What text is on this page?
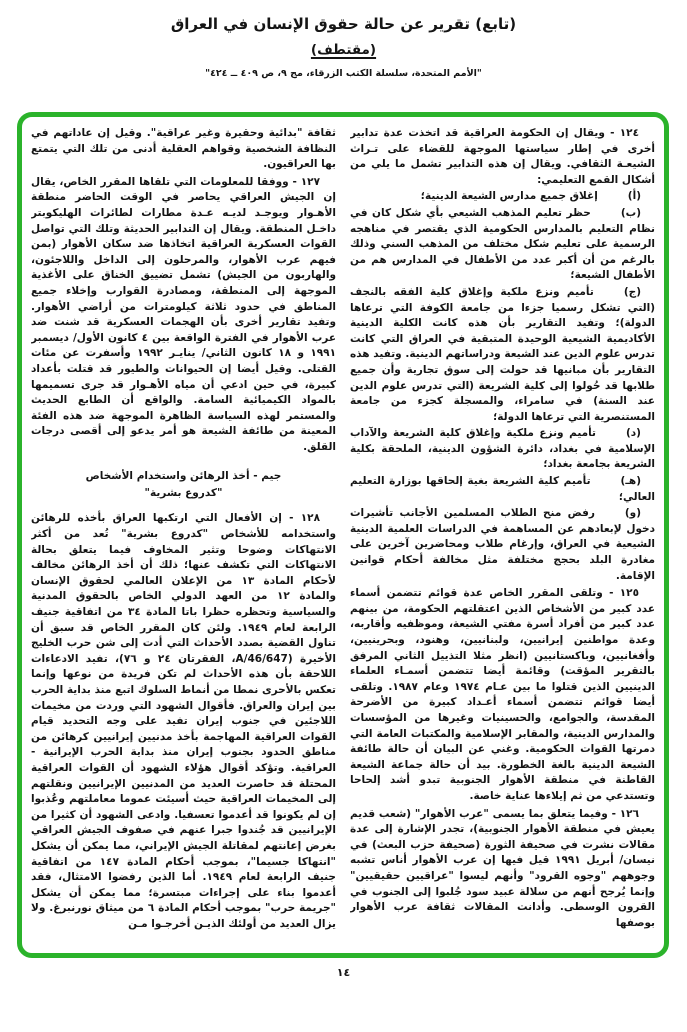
(تابع) تقرير عن حالة حقوق الإنسان في العراق
(مقتطف)
"الأمم المتحدة، سلسلة الكتب الزرقاء، مج ٩، ص ٤٠٩ ــ ٤٢٤"
١٢٤ - ويقال إن الحكومة العراقية قد اتخذت عدة تدابير أخرى في إطار سياستها الموجهة للقضاء على تـراث الشيعـة الثقافي. ويقال إن هذه التدابير تشمل ما يلي من أشكال القمع التعليمي:
(أ)إغلاق جميع مدارس الشيعة الدينية؛
(ب)حظر تعليم المذهب الشيعي بأي شكل كان في نظام التعليم بالمدارس الحكومية الذي يقتصر في مناهجه الرسمية على تعليم شكل مختلف من المذهب السني وذلك بالرغم من أن أكبر عدد من الأطفال في المدارس هم من الأطفال الشيعة؛
(ج)تأميم ونزع ملكية وإغلاق كلية الفقه بالنجف (التي تشكل رسميا جزءا من جامعة الكوفة التي ترعاها الدولة)؛ وتفيد التقارير بأن هذه كانت الكلية الدينية الأكاديمية الشيعية الوحيدة المتبقية في العراق التي كانت تدرس علوم الدين عند الشيعة ودراساتهم الدينية. وتفيد هذه التقارير بأن مبانيها قد حولت إلى سوق تجارية وأن جميع طلابها قد حُولوا إلى كلية الشريعة (التي تدرس علوم الدين عند السنة) في سامراء، والمسجلة كجزء من جامعة المستنصرية التي ترعاها الدولة؛
(د)تأميم ونزع ملكية وإغلاق كلية الشريعة والآداب الإسلامية في بغداد، دائرة الشؤون الدينية، الملحقة بكلية الشريعة بجامعة بغداد؛
(هـ)تأميم كلية الشريعة بغية إلحاقها بوزارة التعليم العالي؛
(و)رفض منح الطلاب المسلمين الأجانب تأشيرات دخول لإبعادهم عن المساهمة في الدراسات العلمية الدينية الشيعية في العراق، وإرغام طلاب ومحاضرين آخرين على مغادرة البلد بحجج مختلفة مثل مخالفة أحكام قوانين الإقامة.
١٢٥ - وتلقى المقرر الخاص عدة قوائم تتضمن أسماء عدد كبير من الأشخاص الذين اعتقلتهم الحكومة، من بينهم عدد كبير من أفراد أسرة مفتي الشيعة، وموظفيه وأقاربه، وعدة مواطنين إيرانيين، ولبنانيين، وهنود، وبحرينيين، وأفغانيين، وباكستانيين (انظر مثلا التذييل الثاني المرفق بالتقرير المؤقت) وقائمة أيضا تتضمن أسمـاء العلماء الدينيين الذين قتلوا ما بين عـام ١٩٧٤ وعام ١٩٨٧. وتلقى أيضا قوائم تتضمن أسماء أعـداد كبيرة من الأضرحة المقدسة، والجوامع، والحسينيات وغيرها من المؤسسات والمدارس الدينية، والمقابر الإسلامية والمكتبات العامة التي دمرتها القوات الحكومية. وغني عن البيان أن حالة طائفة الشيعة الدينية بالغة الخطورة. بيد أن حالة جماعة الشيعة القاطنة في منطقة الأهوار الجنوبية تبدو أشد إلحاحا وتستدعي من ثم إيلاءها عناية خاصة.
١٢٦ - وفيما يتعلق بما يسمى "عرب الأهوار" (شعب قديم يعيش في منطقة الأهوار الجنوبية)، تجدر الإشارة إلى عدة مقالات نشرت في صحيفة الثورة (صحيفة حزب البعث) في نيسان/ أبريل ١٩٩١ قيل فيها إن عرب الأهوار أناس تشبه وجوههم "وجوه القرود" وأنهم ليسوا "عراقيين حقيقيين" وإنما يُرجح أنهم من سلالة عبيد سود جُلبوا إلى الجنوب في القرون الوسطى. وأدانت المقالات ثقافة عرب الأهوار بوصفها
ثقافة "بدائية وحقيرة وغير عراقية". وقيل إن عاداتهم في النظافة الشخصية وقواهم العقلية أدنى من تلك التي يتمتع بها العراقيون.
١٢٧ - ووفقا للمعلومات التي تلقاها المقرر الخاص، يقال إن الجيش العراقي يحاصر في الوقت الحاضر منطقة الأهـوار ويوجـد لديـه عـدة مطارات لطائرات الهليكوبتر داخـل المنطقة. ويقال إن التدابير الحديثة وتلك التي تواصل القوات العسكرية العراقية اتخاذها ضد سكان الأهوار (بمن فيهم عرب الأهوار، والمرحلون إلى الداخل واللاجئون، والهاربون من الجيش) تشمل تضييق الخناق على الأغذية الموجهة إلى المنطقة، ومصادرة القوارب وإخلاء جميع المناطق في حدود ثلاثة كيلومترات من أراضي الأهوار. وتفيد تقارير أخرى بأن الهجمات العسكرية قد شنت ضد عرب الأهوار في الفترة الواقعة بين ٤ كانون الأول/ ديسمبر ١٩٩١ و ١٨ كانون الثاني/ ينايـر ١٩٩٢ وأسفرت عن مئات القتلى. وقيل أيضا إن الحيوانات والطيور قد قتلت بأعداد كبيرة، في حين ادعي أن مياه الأهـوار قد جرى تسميمها بالمواد الكيميائية السامة. والواقع أن الطابع الحديث والمستمر لهذه السياسة الظاهرة الموجهة ضد هذه الفئة المعينة من طائفة الشيعة هو أمر يدعو إلى أقصى درجات القلق.
جيم - أخذ الرهائن واستخدام الأشخاص
"كدروع بشرية"
١٢٨ - إن الأفعال التي ارتكبها العراق بأخذه للرهائن واستخدامه للأشخاص "كدروع بشرية" تُعد من أكثر الانتهاكات وضوحا وتثير المخاوف فيما يتعلق بحالة الانتهاكات التي تكشف عنها؛ ذلك أن أخذ الرهائن مخالف لأحكام المادة ١٣ من الإعلان العالمي لحقوق الإنسان والمادة ١٢ من العهد الدولي الخاص بالحقوق المدنية والسياسية وتحظره حظرا باتا المادة ٣٤ من اتفاقية جنيف الرابعة لعام ١٩٤٩. ولئن كان المقرر الخاص قد سبق أن تناول القضية بصدد الأحداث التي أدت إلى شن حرب الخليج الأخيرة (A/46/647، الفقرتان ٢٤ و ٧٦)، تفيد الادعاءات اللاحقة بأن هذه الأحداث لم تكن فريدة من نوعها وإنما تعكس بالأحرى نمطا من أنماط السلوك اتبع منذ بداية الحرب بين إيران والعراق. فأقوال الشهود التي وردت من مخيمات اللاجئين في جنوب إيران تفيد على وجه التحديد قيام القوات العراقية المهاجمة بأخذ مدنيين إيرانيين كرهائن من مناطق الحدود بجنوب إيران منذ بداية الحرب الإيرانية - العراقية. وتؤكد أقوال هؤلاء الشهود أن القوات العراقية المحتلة قد حاصرت العديد من المدنيين الإيرانيين ونقلتهم إلى المخيمات العراقية حيث أسيئت عموما معاملتهم وعُذبوا إن لم يكونوا قد أعدموا تعسفيا. وادعى الشهود أن كثيرا من الإيرانيين قد جُندوا جبرا عنهم في صفوف الجيش العراقي بغرض إعانتهم لمقاتلة الجيش الإيراني، مما يمكن أن يشكل "انتهاكا جسيما"، بموجب أحكام المادة ١٤٧ من اتفاقية جنيف الرابعة لعام ١٩٤٩. أما الذين رفضوا الامتثال، فقد أعدموا بناء على إجراءات مبتسرة؛ مما يمكن أن يشكل "جريمة حرب" بموجب أحكام المادة ٦ من ميثاق نورنبرغ. ولا يزال العديد من أولئك الذيـن أخرجـوا مـن
١٤
